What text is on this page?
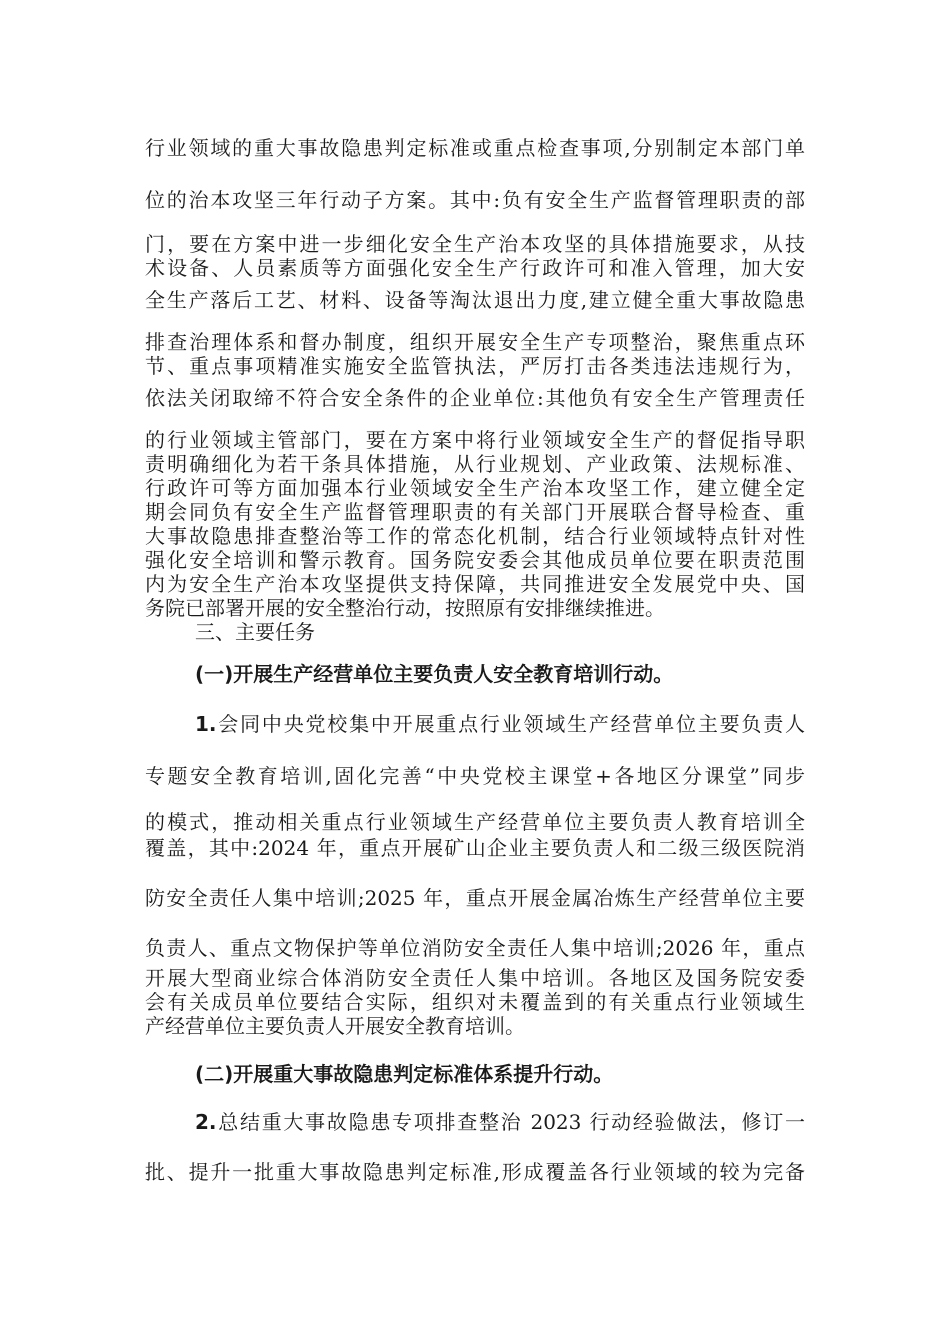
行业领域的重大事故隐患判定标准或重点检查事项,分别制定本部门单
位的治本攻坚三年行动子方案。其中:负有安全生产监督管理职责的部
门，要在方案中进一步细化安全生产治本攻坚的具体措施要求，从技
术设备、人员素质等方面强化安全生产行政许可和准入管理，加大安
全生产落后工艺、材料、设备等淘汰退出力度,建立健全重大事故隐患
排查治理体系和督办制度，组织开展安全生产专项整治，聚焦重点环
节、重点事项精准实施安全监管执法，严厉打击各类违法违规行为，
依法关闭取缔不符合安全条件的企业单位:其他负有安全生产管理责任
的行业领域主管部门，要在方案中将行业领域安全生产的督促指导职
责明确细化为若干条具体措施，从行业规划、产业政策、法规标准、
行政许可等方面加强本行业领域安全生产治本攻坚工作，建立健全定
期会同负有安全生产监督管理职责的有关部门开展联合督导检查、重
大事故隐患排查整治等工作的常态化机制，结合行业领域特点针对性
强化安全培训和警示教育。国务院安委会其他成员单位要在职责范围
内为安全生产治本攻坚提供支持保障，共同推进安全发展党中央、国
务院已部署开展的安全整治行动，按照原有安排继续推进。
三、主要任务
(一)开展生产经营单位主要负责人安全教育培训行动。
1.会同中央党校集中开展重点行业领域生产经营单位主要负责人
专题安全教育培训,固化完善“中央党校主课堂+各地区分课堂”同步
的模式，推动相关重点行业领域生产经营单位主要负责人教育培训全
覆盖，其中:2024 年，重点开展矿山企业主要负责人和二级三级医院消
防安全责任人集中培训;2025 年，重点开展金属冶炼生产经营单位主要
负责人、重点文物保护等单位消防安全责任人集中培训;2026 年，重点
开展大型商业综合体消防安全责任人集中培训。各地区及国务院安委
会有关成员单位要结合实际，组织对未覆盖到的有关重点行业领域生
产经营单位主要负责人开展安全教育培训。
(二)开展重大事故隐患判定标准体系提升行动。
2.总结重大事故隐患专项排查整治 2023 行动经验做法，修订一
批、提升一批重大事故隐患判定标准,形成覆盖各行业领域的较为完备
